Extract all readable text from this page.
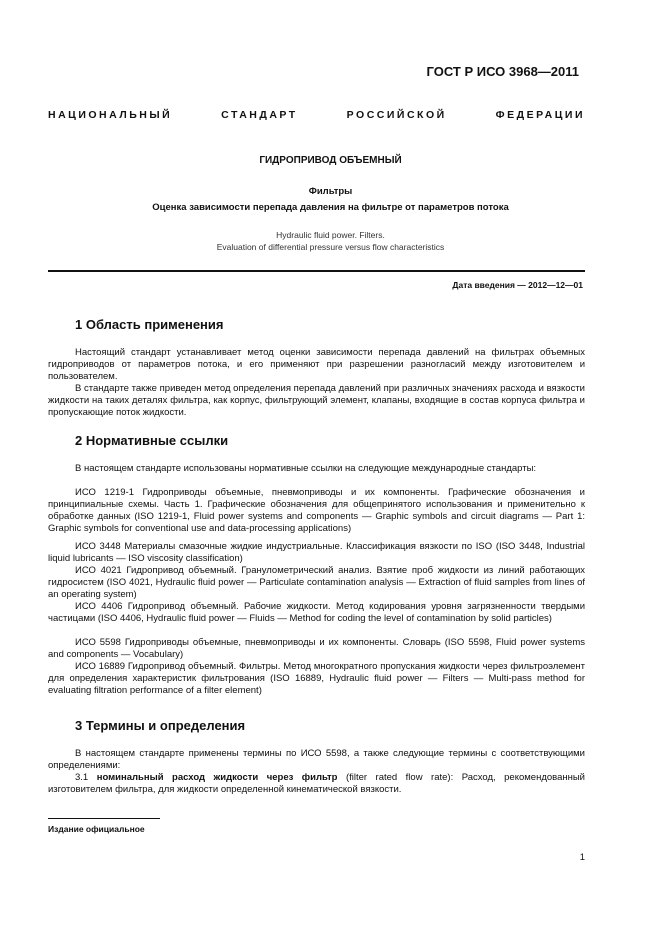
ГОСТ Р ИСО 3968—2011
НАЦИОНАЛЬНЫЙ СТАНДАРТ РОССИЙСКОЙ ФЕДЕРАЦИИ
ГИДРОПРИВОД ОБЪЕМНЫЙ
Фильтры
Оценка зависимости перепада давления на фильтре от параметров потока
Hydraulic fluid power. Filters.
Evaluation of differential pressure versus flow characteristics
Дата введения — 2012—12—01
1 Область применения
Настоящий стандарт устанавливает метод оценки зависимости перепада давлений на фильтрах объемных гидроприводов от параметров потока, и его применяют при разрешении разногласий между изготовителем и пользователем.
В стандарте также приведен метод определения перепада давлений при различных значениях расхода и вязкости жидкости на таких деталях фильтра, как корпус, фильтрующий элемент, клапаны, входящие в состав корпуса фильтра и пропускающие поток жидкости.
2 Нормативные ссылки
В настоящем стандарте использованы нормативные ссылки на следующие международные стандарты:
ИСО 1219-1 Гидроприводы объемные, пневмоприводы и их компоненты. Графические обозначения и принципиальные схемы. Часть 1. Графические обозначения для общепринятого использования и применительно к обработке данных (ISO 1219-1, Fluid power systems and components — Graphic symbols and circuit diagrams — Part 1: Graphic symbols for conventional use and data-processing applications)
ИСО 3448 Материалы смазочные жидкие индустриальные. Классификация вязкости по ISO (ISO 3448, Industrial liquid lubricants — ISO viscosity classification)
ИСО 4021 Гидропривод объемный. Гранулометрический анализ. Взятие проб жидкости из линий работающих гидросистем (ISO 4021, Hydraulic fluid power — Particulate contamination analysis — Extraction of fluid samples from lines of an operating system)
ИСО 4406 Гидропривод объемный. Рабочие жидкости. Метод кодирования уровня загрязненности твердыми частицами (ISO 4406, Hydraulic fluid power — Fluids — Method for coding the level of contamination by solid particles)
ИСО 5598 Гидроприводы объемные, пневмоприводы и их компоненты. Словарь (ISO 5598, Fluid power systems and components — Vocabulary)
ИСО 16889 Гидропривод объемный. Фильтры. Метод многократного пропускания жидкости через фильтроэлемент для определения характеристик фильтрования (ISO 16889, Hydraulic fluid power — Filters — Multi-pass method for evaluating filtration performance of a filter element)
3 Термины и определения
В настоящем стандарте применены термины по ИСО 5598, а также следующие термины с соответствующими определениями:
3.1 номинальный расход жидкости через фильтр (filter rated flow rate): Расход, рекомендованный изготовителем фильтра, для жидкости определенной кинематической вязкости.
Издание официальное
1
